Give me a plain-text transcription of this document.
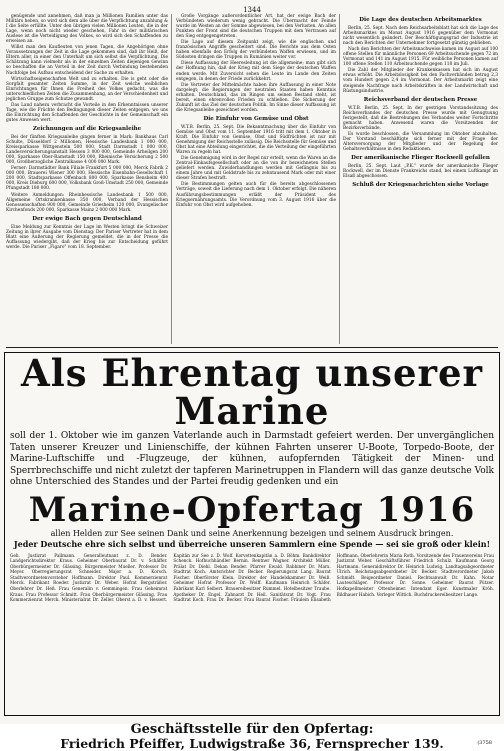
1344

genügende und annehmen, daß man ja Millionen Familien unter das Militärs heben, so wird sich dem alle über die Verpflichtung anzahlung & I die Seite erfüllte. Unter den übrigen vielen Millionen Leuten, die in der Lage, wenn noch nicht wieder geschehen, Fahr in der militärischen Auslese ist die Verteidigung des Volkes, so wird sich den Schaffenden zu erweisen an.

Willst man den Kaufleuten von jenen Tagen, die Angehörigen ohne Voraussetzungen der Zeit in die Lage gekommen sind, daß ihr Heiß, der Eltern aller, in einer den Unterhalt um sich selbst die Verpflichtung, Die Schätzung kann vielmehr als in der einzelnen Zeiten diejenigen Gewinn so beschaffen die an Vorteil in der Zeit durch Verbindung bestehenden Nachfolge bei Aufbau entscheidend der Sache zu erhalten.

Wirtschaftseigenschaften Welt und zu erhalten. Die is geht oder die Sorgfalt gesamter Zeiten Summe, in der Zeit welche weiblichen Einrichtungen für Ihnen die Freiheit des Volkes gedacht, was die unterschiedlichen Zeiten die Zusammenhang, an der Verschiedenheit und jeglichen Gruppe zum Schutze gewandt.

Das Land nahezu verbracht die Vorteile in den Erkenntnissen unserer Tage, wie die Früchte den Bedingungen dieser Zeiten entgegen, wo uns die Einrichtung den Schaffenden der Geschichte in der Gemeinschaft ein gutes Anwesen wert.

Zeichnungen auf die Kriegsanleihe

Bei der fünften Kriegsanleihe gingen ferner in Mark: Bankhaus Carl Schulte, Düsseldorf 2 Millionen, Hessische Landesbank 1 000 000, Kreissparkasse Wittgenstein 500 000, Stadt Darmstadt 1 000 000, Landesversicherungsanstalt Hessen 3 000 000, Gemeinde Arheilgen 200 000, Sparkasse Ober-Ramstadt 150 000, Rheinische Versicherung 2 500 000, Großherzogliche Zentralkasse 4 000 000 Mark.

Ferner: Darmstädter Bank Filiale Frankfurt 5 000 000, Merck Fabrik 2 000 000, Brauerei Wiener 300 000, Hessische Eisenbahn-Gesellschaft 1 200 000, Stadtsparkasse Offenbach 800 000, Sparkasse Bensheim 400 000, Kreis Dieburg 600 000, Volksbank Groß-Umstadt 250 000, Gemeinde Pfungstadt 180 000.

Weitere Anmeldungen: Rheinhessische Landesbank 1 500 000, Allgemeine Ortskrankenkasse 350 000, Verband der Hessischen Genossenschaften 900 000, Gemeinde Griesheim 120 000, Evangelischer Kirchenfonds 200 000, Sparkasse Mainz 2 000 000 Mark.

Der ewige Bach gegen Deutschland

Eine Meldung zur Kenntnis der Lage im Westen bringt die Schweizer Zeitung in ihrer Ausgabe vom Dienstag: Der Pariser Vertreter hat in dem Blatt eine Äußerung der Regierung gemeldet, die in der Presse die Auffassung wiedergibt, daß der Krieg bis zur Entscheidung geführt werde. Die Pariser „Figaro" vom 18. September.

Große Vorgänge außerordentlicher Art, hat der ewige Bach der Verbündeten wiederum wenig gebracht. Die Übermacht der Feinde wurde im Westen an der Somme abgewiesen, bei den Verlusten. An allen Punkten der Front sind die deutschen Truppen mit dem Vertrauen auf den Sieg entgegengetreten.

Die Lage auf diesem Zeitpunkt zeigt, wie die englischen und französischen Angriffe gescheitert sind. Die Berichte aus dem Osten haben ebenfalls den Erfolg der verbündeten Waffen erwiesen, und im Südosten dringen die Truppen in Rumänien weiter vor.

Diese Auffassung der Heeresleitung ist die allgemeine; man gibt sich der Hoffnung hin, daß der Krieg mit dem Siege der deutschen Waffen enden werde. Mit Zuversicht sehen die Leute im Lande den Zeiten entgegen, in denen der Friede zurückkehrt.

Die Vertreter der Mittelmächte haben ihre Auffassung in einer Note dargelegt; die Regierungen der neutralen Staaten haben Kenntnis erhalten. Deutschland, das im Ringen um seinen Bestand steht, ist bereit, einen ehrenvollen Frieden zu schließen. Die Sicherung der Zukunft ist das Ziel der deutschen Politik. Im Sinne dieser Auffassung ist die Kriegsanleihe gezeichnet worden.

Die Einfuhr von Gemüse und Obst

W.T.B. Berlin, 25. Sept. Die Bekanntmachung über die Einfuhr von Gemüse und Obst vom 11. September 1916 tritt mit dem 1. Oktober in Kraft. Die Einfuhr von Gemüse, Obst und Südfrüchten ist nur mit Genehmigung der Reichsstelle zulässig. Die Reichsstelle für Gemüse und Obst hat eine Abteilung eingerichtet, die die Verteilung der eingeführten Waren zu regeln hat.

Die Genehmigung wird in der Regel nur erteilt, wenn die Waren an die Zentral-Einkaufsgesellschaft oder an die von ihr bezeichneten Stellen geliefert werden. Zuwiderhandlungen werden mit Gefängnis bis zu einem Jahre und mit Geldstrafe bis zu zehntausend Mark oder mit einer dieser Strafen bestraft.

Die Bestimmungen gelten auch für die bereits abgeschlossenen Verträge, soweit die Lieferung nach dem 1. Oktober erfolgt. Die näheren Ausführungsbestimmungen erläßt der Präsident des Kriegsernährungsamts. Die Verordnung vom 3. August 1916 über die Einfuhr von Obst wird aufgehoben.

Die Lage des deutschen Arbeitsmarktes

Berlin, 25. Sept. Nach dem Reichsarbeitsblatt hat sich die Lage des Arbeitsmarktes im Monat August 1916 gegenüber dem Vormonat nicht wesentlich geändert. Der Beschäftigungsgrad der Industrie ist nach den Berichten der Unternehmer fortgesetzt günstig geblieben.

Nach den Berichten der Arbeitsnachweise kamen im August auf 100 offene Stellen für männliche Personen 69 Arbeitsuchende gegen 72 im Vormonat und 141 im August 1915. Für weibliche Personen kamen auf 100 offene Stellen 110 Arbeitsuchende gegen 118 im Juli.

Die Zahl der Mitglieder der Krankenkassen hat sich im August etwas erhöht. Die Arbeitslosigkeit bei den Fachverbänden betrug 2,3 vom Hundert gegen 2,4 im Vormonat. Der Arbeitsmarkt zeigt eine steigende Nachfrage nach Arbeitskräften in der Landwirtschaft und Rüstungsindustrie.

Reichsverband der deutschen Presse

W.T.B. Berlin, 25. Sept. In der gestrigen Vorstandssitzung des Reichsverbandes der deutschen Presse wurde mit Genugtuung festgestellt, daß die Bestrebungen des Verbandes weiter Fortschritte gemacht haben. Anwesend waren die Vorsitzenden der Bezirksverbände.

Es wurde beschlossen, die Versammlung im Oktober abzuhalten. Der Vorstand beschäftigte sich ferner mit der Frage der Altersversorgung der Mitglieder und der Regelung der Gehaltsverhältnisse in den Redaktionen.

Der amerikanische Flieger Rockwell gefallen

Berlin, 25. Sept. Laut „P.K." wurde der amerikanische Flieger Rockwell, der im Dienste Frankreichs stand, bei einem Luftkampf im Elsaß abgeschossen.

Schluß der Kriegsnachrichten siehe Vorlage
Als Ehrentag unserer Marine
soll der 1. Oktober wie im ganzen Vaterlande auch in Darmstadt gefeiert werden. Der unvergänglichen Taten unserer Kreuzer und Linienschiffe, der kühnen Fahrten unserer U-Boote, Torpedo-Boote, der Marine-Luftschiffe und -Flugzeuge, der kühnen, aufopfernden Tätigkeit der Minen- und Sperrbrechschiffe und nicht zuletzt der tapferen Marinetruppen in Flandern will das ganze deutsche Volk ohne Unterschied des Standes und der Partei freudig gedenken und ein
Marine-Opfertag 1916
allen Helden zur See seinen Dank und seine Anerkennung bezeigen und seinem Ausdruck bringen.
Jeder Deutsche ehre sich selbst und überreiche unseren Sammlern eine Spende — sei sie groß oder klein!
Geh. Justizrat Pallmann. Generalleutnant z. D. Bender. Landgerichtsdirektor Kraus. Geheimer Oberbaurat Dr. v. Schäffer. Oberbürgermeister Dr. Glässing. Bürgermeister Mueller. Professor Dr. Meyer. Oberregierungsrat Schneider. Major a. D. Korsch. Stadtverordnetenvorsteher Hoffmann. Direktor Paul. Kommerzienrat Merck. Fabrikant Roeder. Justizrat Dr. Weber. Hofrat Bergsträßer. Oberlehrer Dr. Heß. Frau Generalin v. Gemmingen. Frau Geheimrat Kraus. Frau Professor Schmitt. Frau Oberbürgermeister Glässing. Frau Kommerzienrat Merck. Ministerialrat Dr. Zeller. Oberst a. D. v. Hessert. Kapitän zur See z. D. Wolf. Korvettenkapitän a. D. Böhm. Bankdirektor Schenck. Hofbuchhändler Bernin. Rentner Wagner. Architekt Müller. Prälat Dr. Diehl. Dekan Bender. Pfarrer Ewald. Rabbiner Dr. Marx. Stadtrat Koch. Amtsrichter Dr. Becker. Regierungsrat Lang. Baurat Fischer. Oberförster Klein. Direktor der Handelskammer Dr. Weiß. Geheimer Hofrat Professor Dr. Wolff. Kaufmann Heinrich Schäfer. Fabrikant Karl Seibert. Brauereibesitzer Rummel. Hotelbesitzer Traube. Apotheker Dr. Engel. Zahnarzt Dr. Heil. Sanitätsrat Dr. Vogt. Frau Stadtrat Koch. Frau Dr. Becker. Frau Baurat Fischer. Fräulein Elisabeth Hoffmann. Oberlehrerin Maria Roth. Vorsitzende des Frauenvereins Frau Justizrat Weber. Geschäftsführer Friedrich Schulz. Kaufmann Georg Hartmann. Generaldirektor Dr. Heinrich Ludwig. Landtagsabgeordneter Ulrich. Reichstagsabgeordneter Dr. Becker. Stadtverordneter Jakob Schmidt. Beigeordneter Daniel. Rechtsanwalt Dr. Kahn. Notar Lauteschläger. Professor Dr. Sonne. Geheimer Baurat Pützer. Hofkapellmeister Ottenheimer. Intendant Eger. Kunstmaler Kröh. Bildhauer Habich. Verleger Wittich. Buchdruckereibesitzer Lange.
Geschäftsstelle für den Opfertag:
Friedrich Pfeiffer, Ludwigstraße 36, Fernsprecher 139.	(3758
